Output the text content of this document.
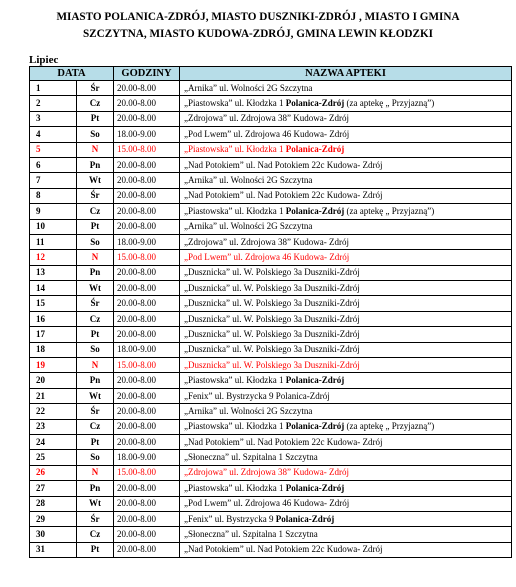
MIASTO POLANICA-ZDRÓJ, MIASTO DUSZNIKI-ZDRÓJ , MIASTO I GMINA
SZCZYTNA, MIASTO KUDOWA-ZDRÓJ, GMINA LEWIN KŁODZKI
Lipiec
DATA		GODZINY	NAZWA APTEKI
1	Śr	20.00-8.00	„Arnika” ul. Wolności 2G Szczytna
2	Cz	20.00-8.00	„Piastowska” ul. Kłodzka 1 Polanica-Zdrój (za aptekę „ Przyjazną”)
3	Pt	20.00-8.00	„Zdrojowa” ul. Zdrojowa 38” Kudowa- Zdrój
4	So	18.00-9.00	„Pod Lwem” ul. Zdrojowa 46 Kudowa- Zdrój
5	N	15.00-8.00	„Piastowska” ul. Kłodzka 1 Polanica-Zdrój
6	Pn	20.00-8.00	„Nad Potokiem” ul. Nad Potokiem 22c Kudowa- Zdrój
7	Wt	20.00-8.00	„Arnika” ul. Wolności 2G Szczytna
8	Śr	20.00-8.00	„Nad Potokiem” ul. Nad Potokiem 22c Kudowa- Zdrój
9	Cz	20.00-8.00	„Piastowska” ul. Kłodzka 1 Polanica-Zdrój (za aptekę „ Przyjazną”)
10	Pt	20.00-8.00	„Arnika” ul. Wolności 2G Szczytna
11	So	18.00-9.00	„Zdrojowa” ul. Zdrojowa 38” Kudowa- Zdrój
12	N	15.00-8.00	„Pod Lwem” ul. Zdrojowa 46 Kudowa- Zdrój
13	Pn	20.00-8.00	„Dusznicka” ul. W. Polskiego 3a Duszniki-Zdrój
14	Wt	20.00-8.00	„Dusznicka” ul. W. Polskiego 3a Duszniki-Zdrój
15	Śr	20.00-8.00	„Dusznicka” ul. W. Polskiego 3a Duszniki-Zdrój
16	Cz	20.00-8.00	„Dusznicka” ul. W. Polskiego 3a Duszniki-Zdrój
17	Pt	20.00-8.00	„Dusznicka” ul. W. Polskiego 3a Duszniki-Zdrój
18	So	18.00-9.00	„Dusznicka” ul. W. Polskiego 3a Duszniki-Zdrój
19	N	15.00-8.00	„Dusznicka” ul. W. Polskiego 3a Duszniki-Zdrój
20	Pn	20.00-8.00	„Piastowska” ul. Kłodzka 1 Polanica-Zdrój
21	Wt	20.00-8.00	„Fenix” ul. Bystrzycka 9 Polanica-Zdrój
22	Śr	20.00-8.00	„Arnika” ul. Wolności 2G Szczytna
23	Cz	20.00-8.00	„Piastowska” ul. Kłodzka 1 Polanica-Zdrój (za aptekę „ Przyjazną”)
24	Pt	20.00-8.00	„Nad Potokiem” ul. Nad Potokiem 22c Kudowa- Zdrój
25	So	18.00-9.00	„Słoneczna” ul. Szpitalna 1 Szczytna
26	N	15.00-8.00	„Zdrojowa” ul. Zdrojowa 38” Kudowa- Zdrój
27	Pn	20.00-8.00	„Piastowska” ul. Kłodzka 1 Polanica-Zdrój
28	Wt	20.00-8.00	„Pod Lwem” ul. Zdrojowa 46 Kudowa- Zdrój
29	Śr	20.00-8.00	„Fenix” ul. Bystrzycka 9 Polanica-Zdrój
30	Cz	20.00-8.00	„Słoneczna” ul. Szpitalna 1 Szczytna
31	Pt	20.00-8.00	„Nad Potokiem” ul. Nad Potokiem 22c Kudowa- Zdrój
